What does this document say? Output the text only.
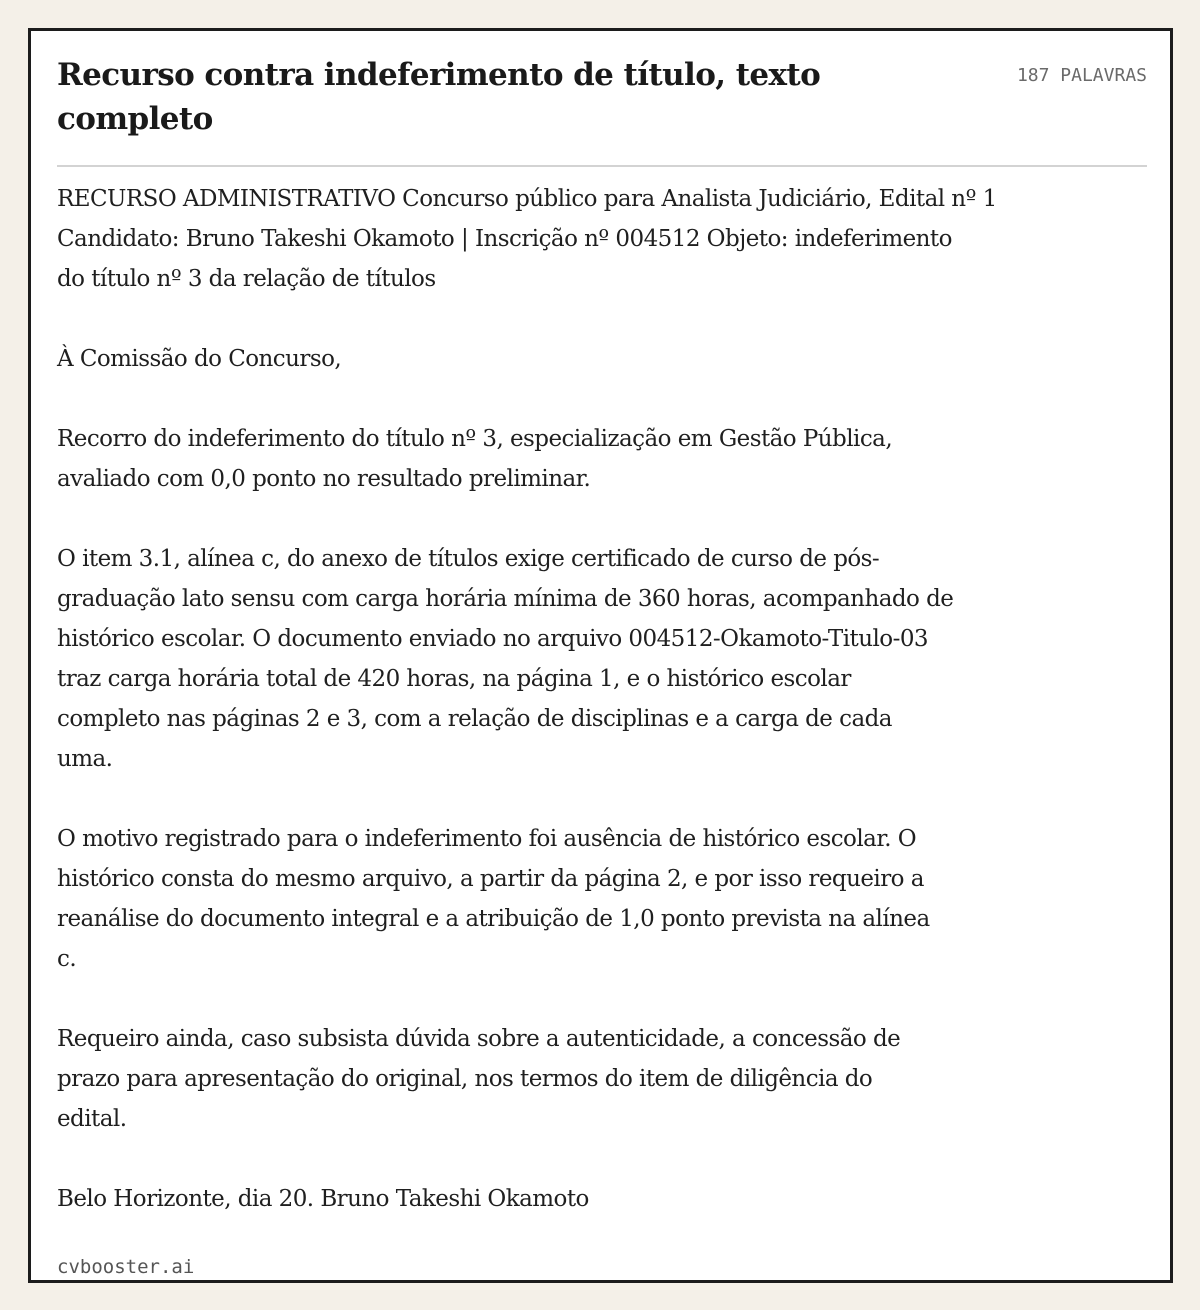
Recurso contra indeferimento de título, texto completo
187 PALAVRAS

RECURSO ADMINISTRATIVO Concurso público para Analista Judiciário, Edital nº 1
Candidato: Bruno Takeshi Okamoto | Inscrição nº 004512 Objeto: indeferimento
do título nº 3 da relação de títulos

À Comissão do Concurso,

Recorro do indeferimento do título nº 3, especialização em Gestão Pública,
avaliado com 0,0 ponto no resultado preliminar.

O item 3.1, alínea c, do anexo de títulos exige certificado de curso de pós-
graduação lato sensu com carga horária mínima de 360 horas, acompanhado de
histórico escolar. O documento enviado no arquivo 004512-Okamoto-Titulo-03
traz carga horária total de 420 horas, na página 1, e o histórico escolar
completo nas páginas 2 e 3, com a relação de disciplinas e a carga de cada
uma.

O motivo registrado para o indeferimento foi ausência de histórico escolar. O
histórico consta do mesmo arquivo, a partir da página 2, e por isso requeiro a
reanálise do documento integral e a atribuição de 1,0 ponto prevista na alínea
c.

Requeiro ainda, caso subsista dúvida sobre a autenticidade, a concessão de
prazo para apresentação do original, nos termos do item de diligência do
edital.

Belo Horizonte, dia 20. Bruno Takeshi Okamoto

cvbooster.ai
